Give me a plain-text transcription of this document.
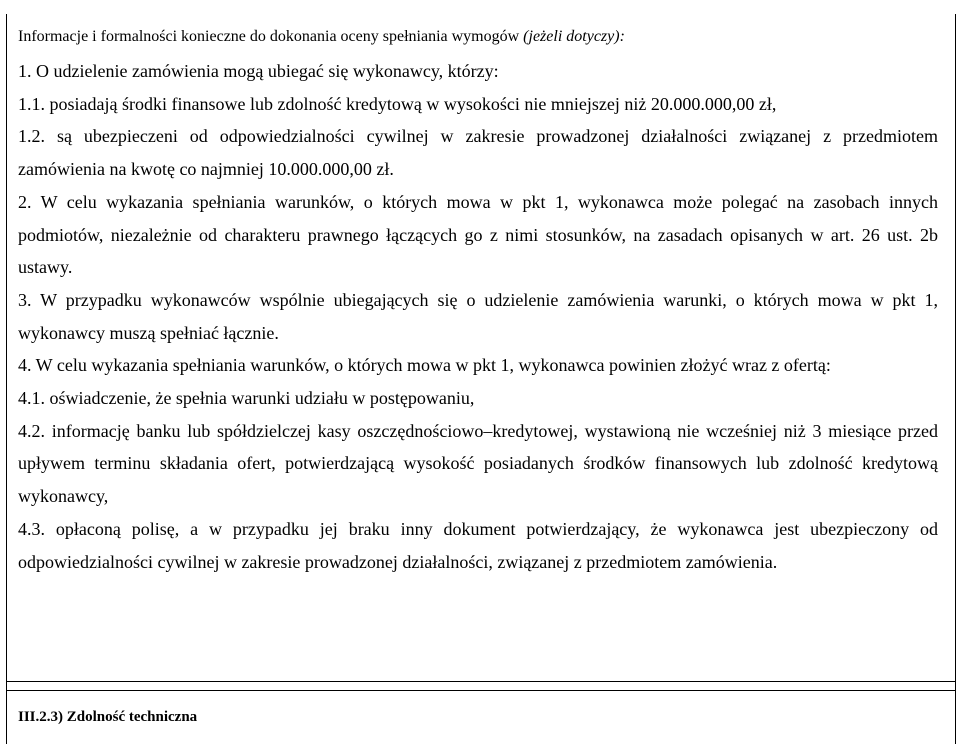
Informacje i formalności konieczne do dokonania oceny spełniania wymogów (jeżeli dotyczy):

1. O udzielenie zamówienia mogą ubiegać się wykonawcy, którzy:

1.1. posiadają środki finansowe lub zdolność kredytową w wysokości nie mniejszej niż 20.000.000,00 zł,

1.2. są ubezpieczeni od odpowiedzialności cywilnej w zakresie prowadzonej działalności związanej z przedmiotem zamówienia na kwotę co najmniej 10.000.000,00 zł.

2. W celu wykazania spełniania warunków, o których mowa w pkt 1, wykonawca może polegać na zasobach innych podmiotów, niezależnie od charakteru prawnego łączących go z nimi stosunków, na zasadach opisanych w art. 26 ust. 2b ustawy.

3. W przypadku wykonawców wspólnie ubiegających się o udzielenie zamówienia warunki, o których mowa w pkt 1, wykonawcy muszą spełniać łącznie.

4. W celu wykazania spełniania warunków, o których mowa w pkt 1, wykonawca powinien złożyć wraz z ofertą:

4.1. oświadczenie, że spełnia warunki udziału w postępowaniu,

4.2. informację banku lub spółdzielczej kasy oszczędnościowo–kredytowej, wystawioną nie wcześniej niż 3 miesiące przed upływem terminu składania ofert, potwierdzającą wysokość posiadanych środków finansowych lub zdolność kredytową wykonawcy,

4.3. opłaconą polisę, a w przypadku jej braku inny dokument potwierdzający, że wykonawca jest ubezpieczony od odpowiedzialności cywilnej w zakresie prowadzonej działalności, związanej z przedmiotem zamówienia.

III.2.3) Zdolność techniczna
